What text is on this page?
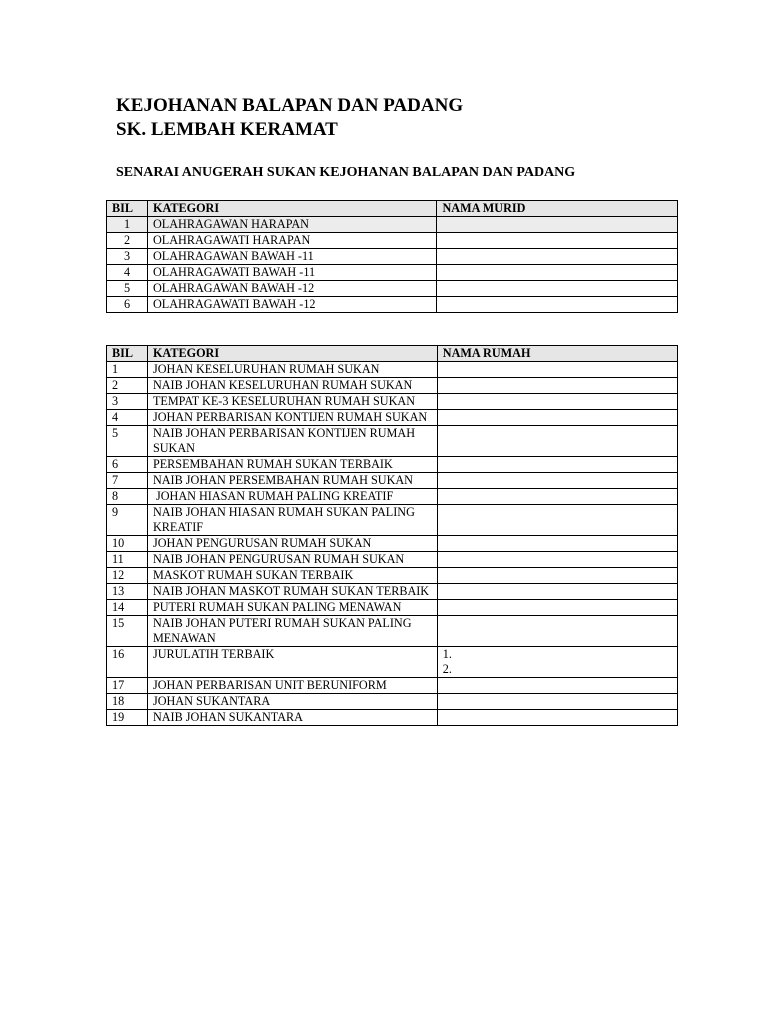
KEJOHANAN BALAPAN DAN PADANG
SK. LEMBAH KERAMAT
SENARAI ANUGERAH SUKAN KEJOHANAN BALAPAN DAN PADANG
BIL	KATEGORI	NAMA MURID
1	OLAHRAGAWAN HARAPAN	
2	OLAHRAGAWATI HARAPAN	
3	OLAHRAGAWAN BAWAH -11	
4	OLAHRAGAWATI BAWAH -11	
5	OLAHRAGAWAN BAWAH -12	
6	OLAHRAGAWATI BAWAH -12	
BIL	KATEGORI	NAMA RUMAH
1	JOHAN KESELURUHAN RUMAH SUKAN	
2	NAIB JOHAN KESELURUHAN RUMAH SUKAN	
3	TEMPAT KE-3 KESELURUHAN RUMAH SUKAN	
4	JOHAN PERBARISAN KONTIJEN RUMAH SUKAN	
5	NAIB JOHAN PERBARISAN KONTIJEN RUMAH SUKAN	
6	PERSEMBAHAN RUMAH SUKAN TERBAIK	
7	NAIB JOHAN PERSEMBAHAN RUMAH SUKAN	
8	JOHAN HIASAN RUMAH PALING KREATIF	
9	NAIB JOHAN HIASAN RUMAH SUKAN PALING KREATIF	
10	JOHAN PENGURUSAN RUMAH SUKAN	
11	NAIB JOHAN PENGURUSAN RUMAH SUKAN	
12	MASKOT RUMAH SUKAN TERBAIK	
13	NAIB JOHAN MASKOT RUMAH SUKAN TERBAIK	
14	PUTERI RUMAH SUKAN PALING MENAWAN	
15	NAIB JOHAN PUTERI RUMAH SUKAN PALING MENAWAN	
16	JURULATIH TERBAIK	1.
2.

17	JOHAN PERBARISAN UNIT BERUNIFORM	
18	JOHAN SUKANTARA	
19	NAIB JOHAN SUKANTARA	
